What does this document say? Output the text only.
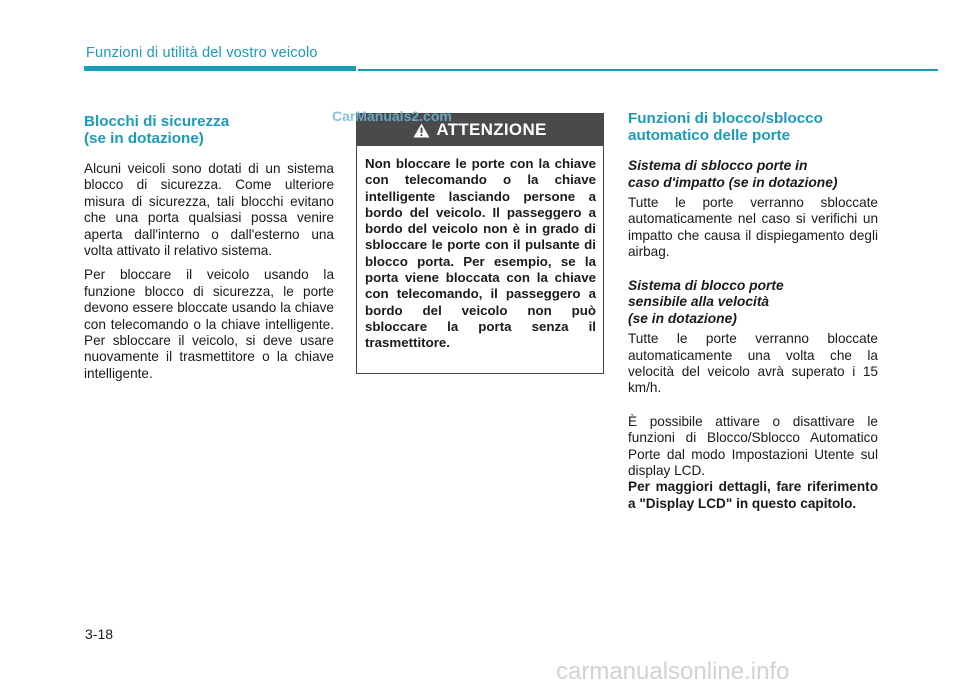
Funzioni di utilità del vostro veicolo
Blocchi di sicurezza
(se in dotazione)

Alcuni veicoli sono dotati di un sistema blocco di sicurezza. Come ulteriore misura di sicurezza, tali blocchi evitano che una porta qualsiasi possa venire aperta dall'interno o dall'esterno una volta attivato il relativo sistema.

Per bloccare il veicolo usando la funzione blocco di sicurezza, le porte devono essere bloccate usando la chiave con telecomando o la chiave intelligente. Per sbloccare il veicolo, si deve usare nuovamente il trasmettitore o la chiave intelligente.

ATTENZIONE
Non bloccare le porte con la chiave con telecomando o la chiave intelligente lasciando persone a bordo del veicolo. Il passeggero a bordo del veicolo non è in grado di sbloccare le porte con il pulsante di blocco porta. Per esempio, se la porta viene bloccata con la chiave con telecomando, il passeggero a bordo del veicolo non può sbloccare la porta senza il trasmettitore.
CarManuals2.com	Funzioni di blocco/sblocco
automatico delle porte
Sistema di sblocco porte in
caso d'impatto (se in dotazione)

Tutte le porte verranno sbloccate automaticamente nel caso si verifichi un impatto che causa il dispiegamento degli airbag.

Sistema di blocco porte
sensibile alla velocità
(se in dotazione)

Tutte le porte verranno bloccate automaticamente una volta che la velocità del veicolo avrà superato i 15 km/h.

È possibile attivare o disattivare le funzioni di Blocco/Sblocco Automatico Porte dal modo Impostazioni Utente sul display LCD.

Per maggiori dettagli, fare riferimento a "Display LCD" in questo capitolo.

3-18
carmanualsonline.info
